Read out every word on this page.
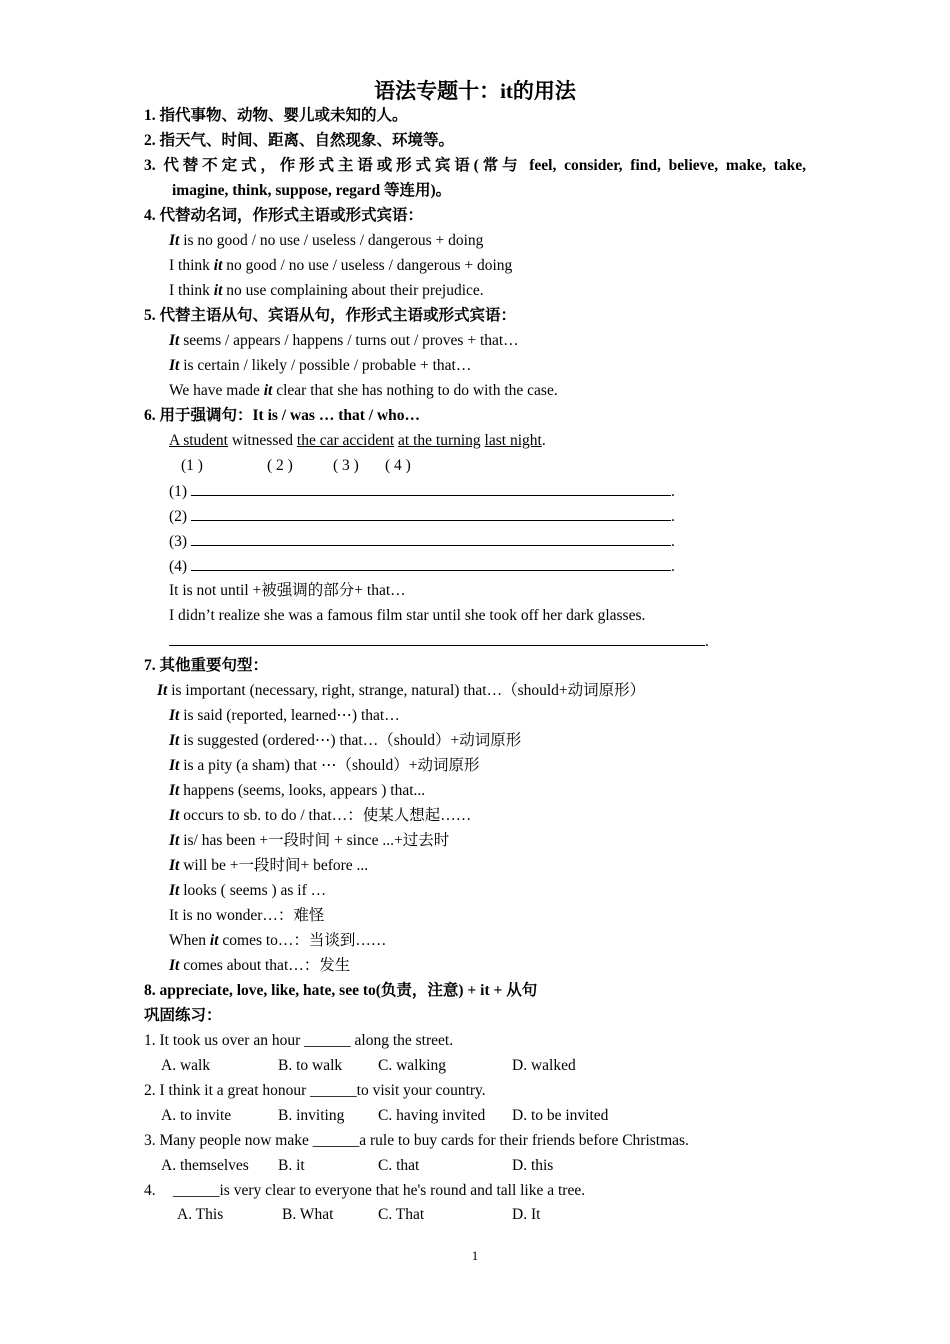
语法专题十：it的用法
1. 指代事物、动物、婴儿或未知的人。
2. 指天气、时间、距离、自然现象、环境等。
3. 代替不定式，作形式主语或形式宾语(常与 feel, consider, find, believe, make, take,
imagine, think, suppose, regard 等连用)。
4. 代替动名词，作形式主语或形式宾语：
It is no good / no use / useless / dangerous + doing
I think it no good / no use / useless / dangerous + doing
I think it no use complaining about their prejudice.
5. 代替主语从句、宾语从句，作形式主语或形式宾语：
It seems / appears / happens / turns out / proves + that…
It is certain / likely / possible / probable + that…
We have made it clear that she has nothing to do with the case.
6. 用于强调句：It is / was … that / who…
A student witnessed the car accident at the turning last night.
(1 )	( 2 )	( 3 ) ( 4 )
(1)	.
(2)	.
(3)	.
(4)	.
It is not until +被强调的部分+ that…
I didn’t realize she was a famous film star until she took off her dark glasses.
.
7. 其他重要句型：
It is important (necessary, right, strange, natural) that…（should+动词原形）
It is said (reported, learned⋯) that…
It is suggested (ordered⋯) that…（should）+动词原形
It is a pity (a sham) that ⋯（should）+动词原形
It happens (seems, looks, appears ) that...
It occurs to sb. to do / that…：使某人想起……
It is/ has been +一段时间 + since ...+过去时
It will be +一段时间+ before ...
It looks ( seems ) as if …
It is no wonder…：难怪
When it comes to…：当谈到……
It comes about that…：发生
8. appreciate, love, like, hate, see to(负责，注意) + it + 从句
巩固练习：
1. It took us over an hour ______ along the street.
A. walk	B. to walk C. walking	D. walked
2. I think it a great honour ______to visit your country.
A. to invite	B. inviting C. having invited D. to be invited
3. Many people now make ______a rule to buy cards for their friends before Christmas.
A. themselves B. it	C. that	D. this
4. ______is very clear to everyone that he's round and tall like a tree.
A. This	B. What	C. That	D. It
1
